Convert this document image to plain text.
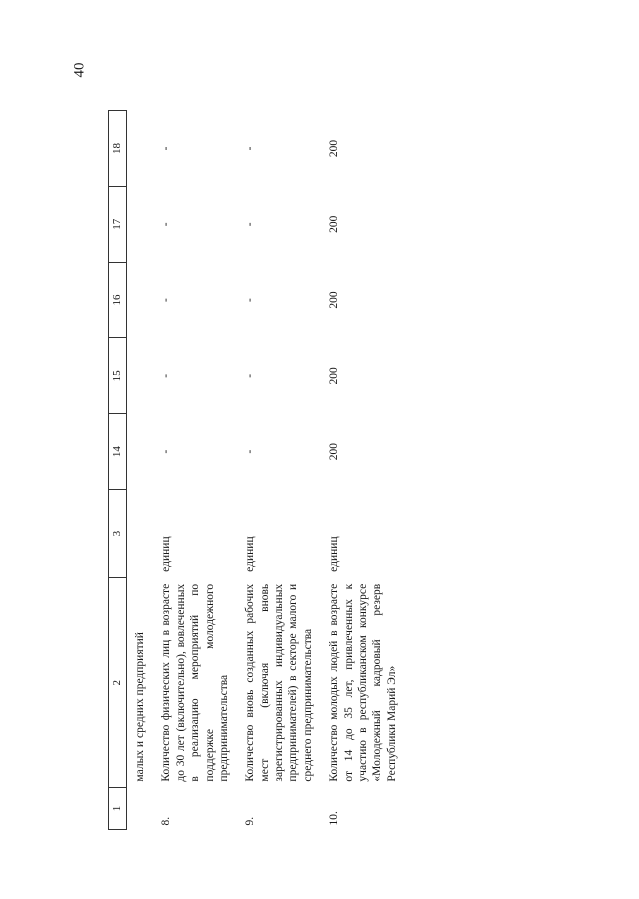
40
1	2	3	14	15	16	17	18
	малых и средних предприятий						
8.	Количество физических лиц в возрасте до 30 лет (включительно), вовлеченных в реализацию мероприятий по поддержке молодежного предпринимательства	единиц	-	-	-	-	-
9.	Количество вновь созданных рабочих мест (включая вновь зарегистрированных индивидуальных предпринимателей) в секторе малого и среднего предпринимательства	единиц	-	-	-	-	-
10.	Количество молодых людей в возрасте от 14 до 35 лет, привлеченных к участию в республиканском конкурсе «Молодежный кадровый резерв Республики Марий Эл»	единиц	200	200	200	200	200
